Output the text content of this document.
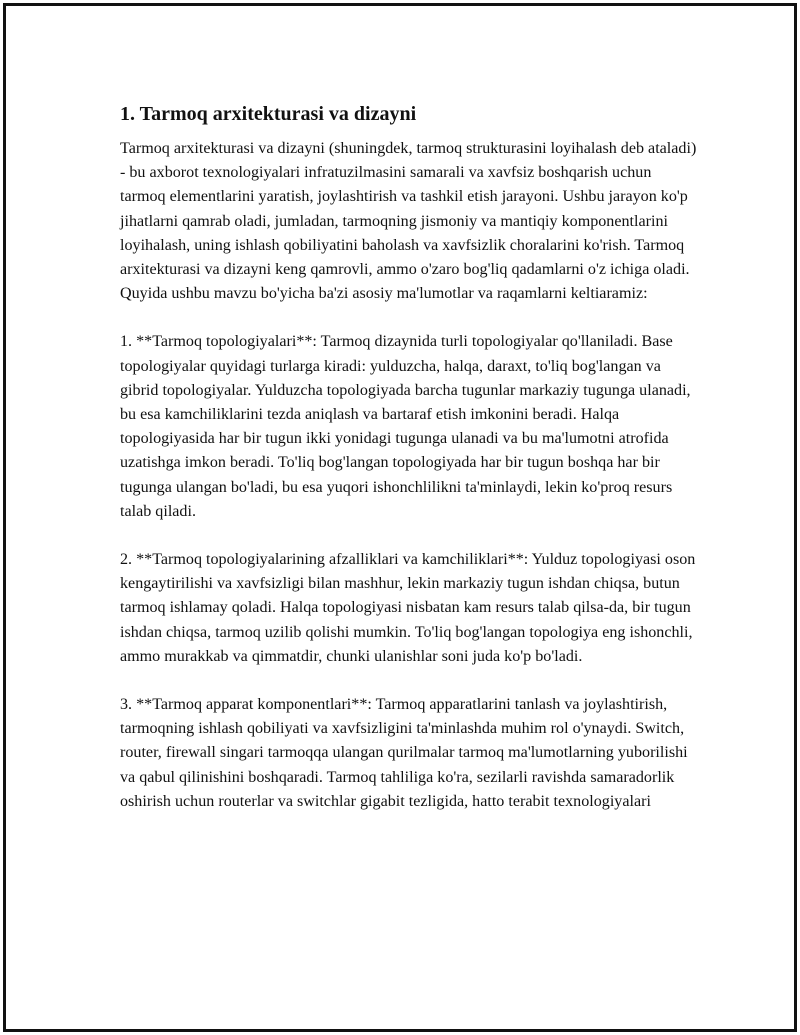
1. Tarmoq arxitekturasi va dizayni

Tarmoq arxitekturasi va dizayni (shuningdek, tarmoq strukturasini loyihalash deb ataladi) - bu axborot texnologiyalari infratuzilmasini samarali va xavfsiz boshqarish uchun tarmoq elementlarini yaratish, joylashtirish va tashkil etish jarayoni. Ushbu jarayon ko'p jihatlarni qamrab oladi, jumladan, tarmoqning jismoniy va mantiqiy komponentlarini loyihalash, uning ishlash qobiliyatini baholash va xavfsizlik choralarini ko'rish. Tarmoq arxitekturasi va dizayni keng qamrovli, ammo o'zaro bog'liq qadamlarni o'z ichiga oladi. Quyida ushbu mavzu bo'yicha ba'zi asosiy ma'lumotlar va raqamlarni keltiaramiz:

1. **Tarmoq topologiyalari**: Tarmoq dizaynida turli topologiyalar qo'llaniladi. Base topologiyalar quyidagi turlarga kiradi: yulduzcha, halqa, daraxt, to'liq bog'langan va gibrid topologiyalar. Yulduzcha topologiyada barcha tugunlar markaziy tugunga ulanadi, bu esa kamchiliklarini tezda aniqlash va bartaraf etish imkonini beradi. Halqa topologiyasida har bir tugun ikki yonidagi tugunga ulanadi va bu ma'lumotni atrofida uzatishga imkon beradi. To'liq bog'langan topologiyada har bir tugun boshqa har bir tugunga ulangan bo'ladi, bu esa yuqori ishonchlilikni ta'minlaydi, lekin ko'proq resurs talab qiladi.

2. **Tarmoq topologiyalarining afzalliklari va kamchiliklari**: Yulduz topologiyasi oson kengaytirilishi va xavfsizligi bilan mashhur, lekin markaziy tugun ishdan chiqsa, butun tarmoq ishlamay qoladi. Halqa topologiyasi nisbatan kam resurs talab qilsa-da, bir tugun ishdan chiqsa, tarmoq uzilib qolishi mumkin. To'liq bog'langan topologiya eng ishonchli, ammo murakkab va qimmatdir, chunki ulanishlar soni juda ko'p bo'ladi.

3. **Tarmoq apparat komponentlari**: Tarmoq apparatlarini tanlash va joylashtirish, tarmoqning ishlash qobiliyati va xavfsizligini ta'minlashda muhim rol o'ynaydi. Switch, router, firewall singari tarmoqqa ulangan qurilmalar tarmoq ma'lumotlarning yuborilishi va qabul qilinishini boshqaradi. Tarmoq tahliliga ko'ra, sezilarli ravishda samaradorlik oshirish uchun routerlar va switchlar gigabit tezligida, hatto terabit texnologiyalari
